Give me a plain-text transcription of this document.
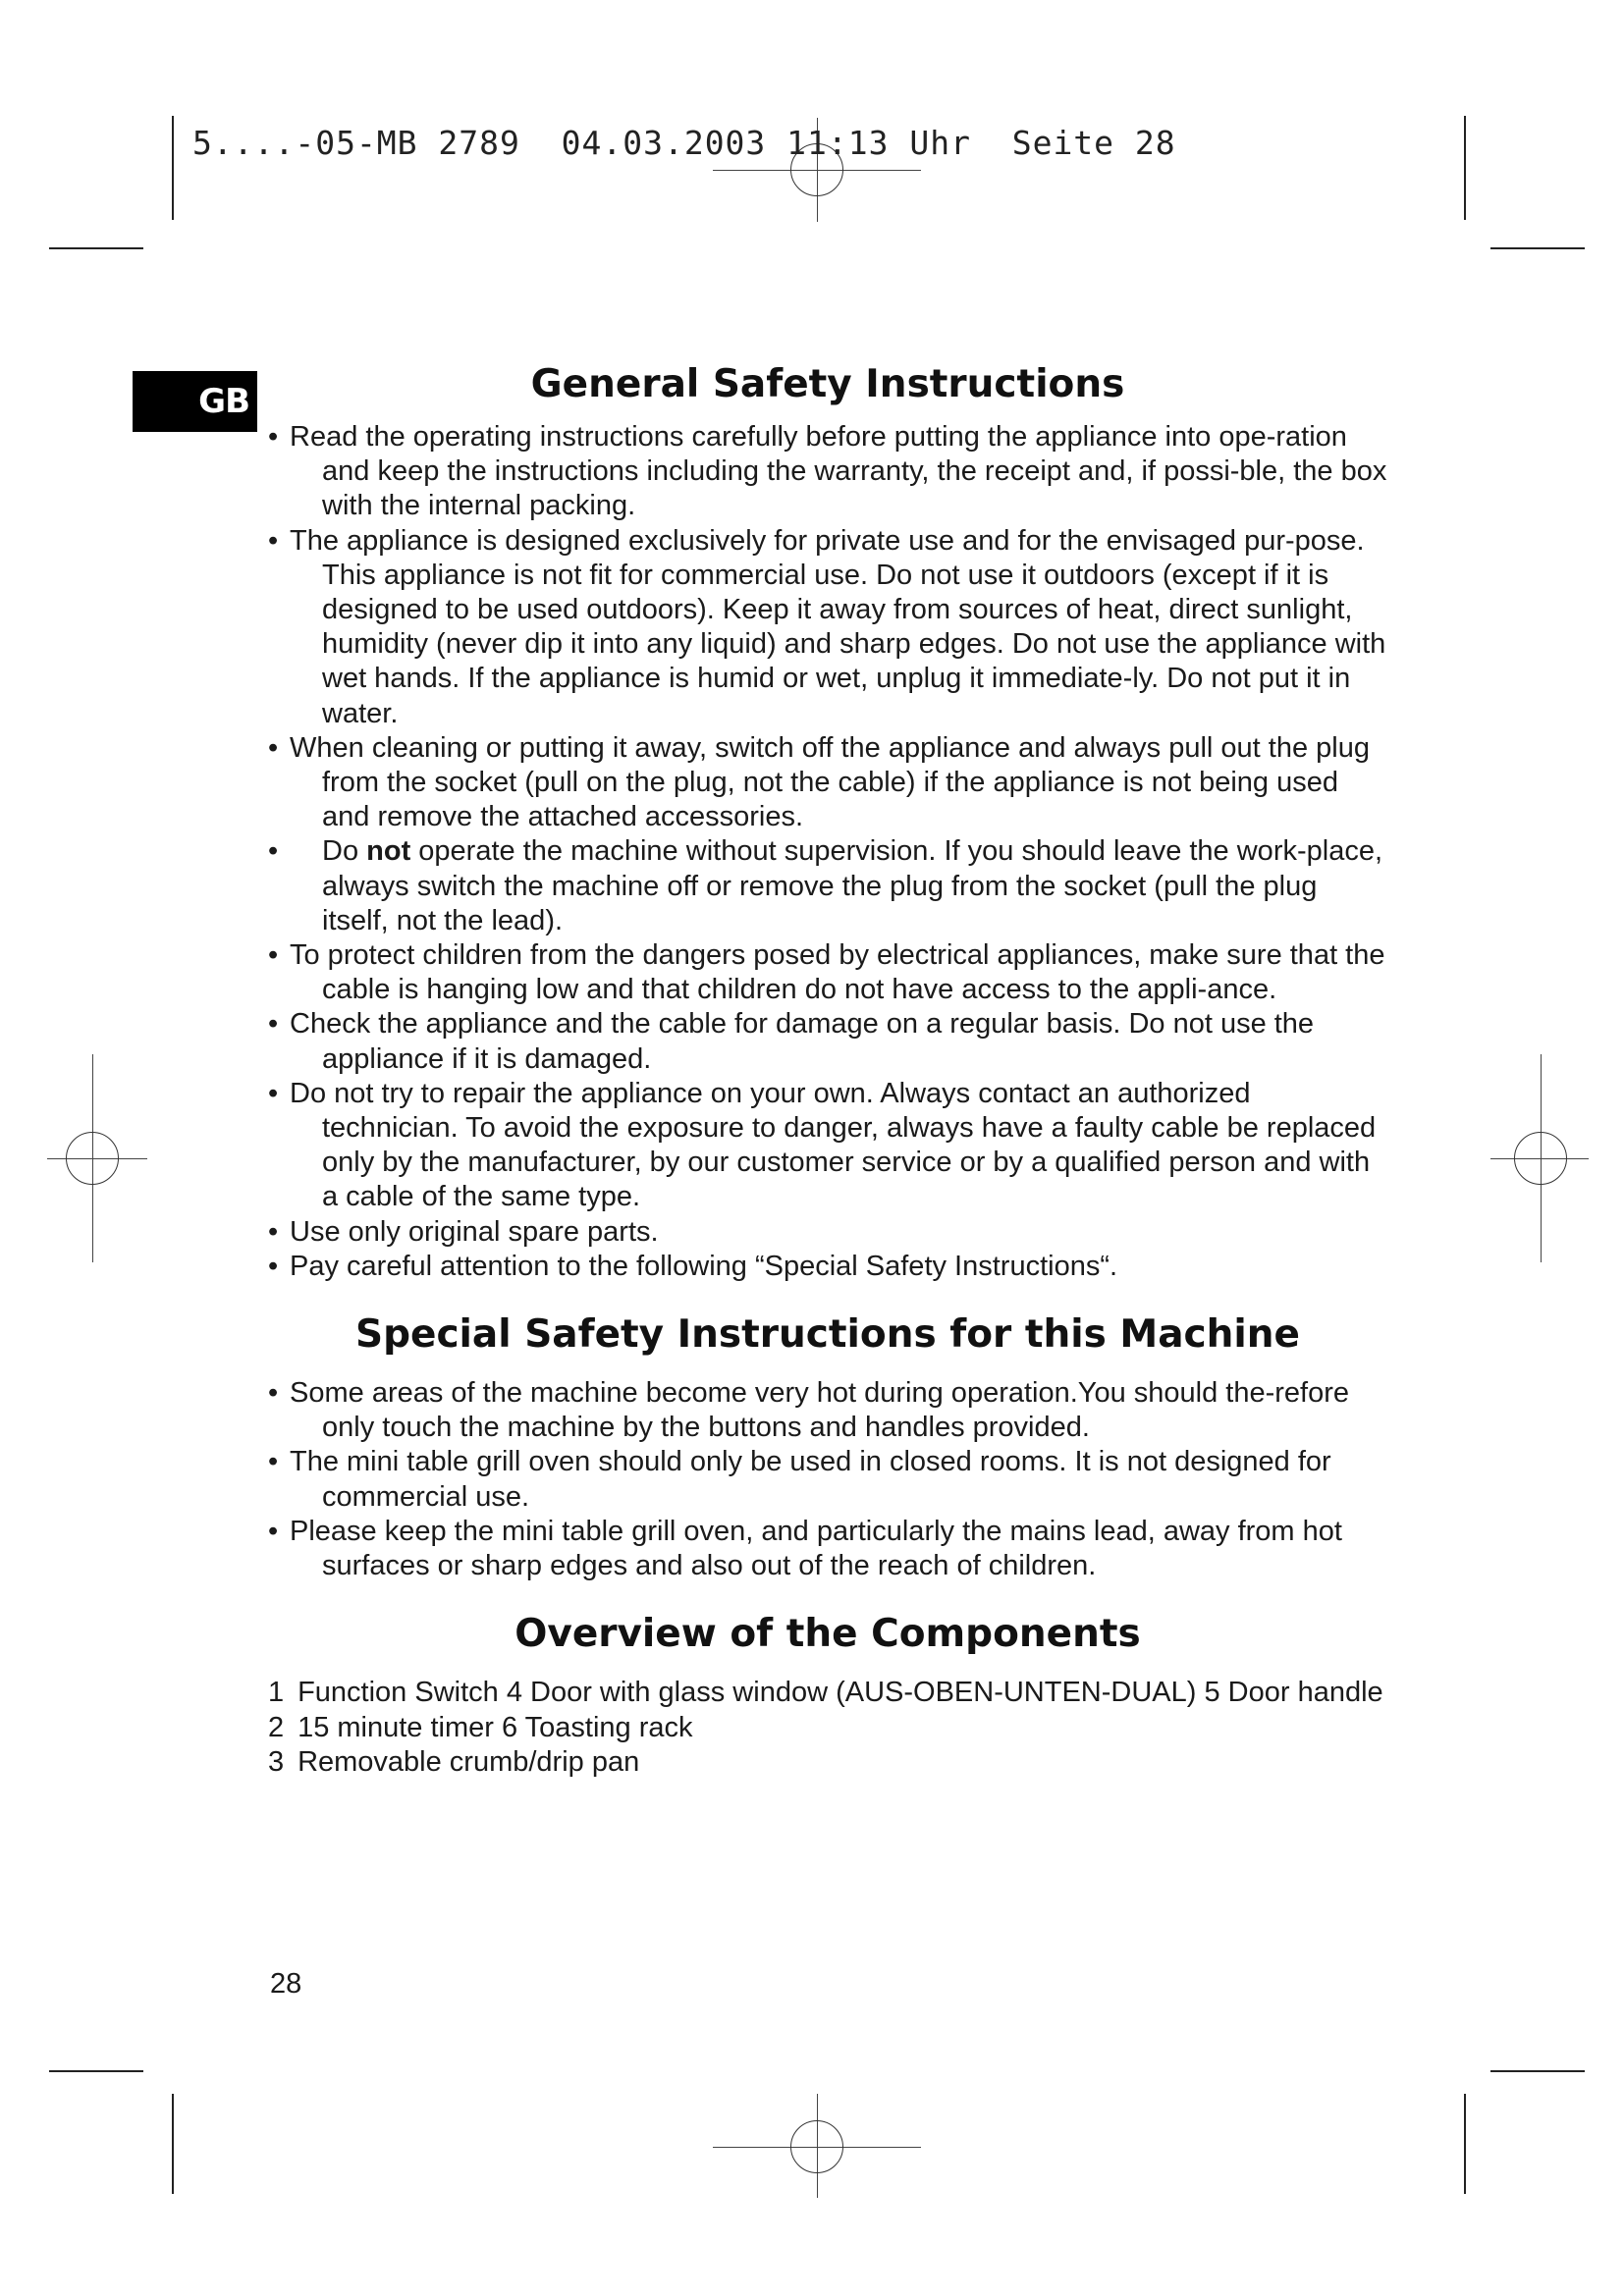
5....-05-MB 2789  04.03.2003 11:13 Uhr  Seite 28
GB	General Safety Instructions
• Read the operating instructions carefully before putting the appliance into ope-ration and keep the instructions including the warranty, the receipt and, if possi-ble, the box with the internal packing.
• The appliance is designed exclusively for private use and for the envisaged pur-pose. This appliance is not fit for commercial use. Do not use it outdoors (except if it is designed to be used outdoors). Keep it away from sources of heat, direct sunlight, humidity (never dip it into any liquid) and sharp edges. Do not use the appliance with wet hands. If the appliance is humid or wet, unplug it immediate-ly. Do not put it in water.
• When cleaning or putting it away, switch off the appliance and always pull out the plug from the socket (pull on the plug, not the cable) if the appliance is not being used and remove the attached accessories.
• Do not operate the machine without supervision. If you should leave the work-place, always switch the machine off or remove the plug from the socket (pull the plug itself, not the lead).
• To protect children from the dangers posed by electrical appliances, make sure that the cable is hanging low and that children do not have access to the appli-ance.
• Check the appliance and the cable for damage on a regular basis. Do not use the appliance if it is damaged.
• Do not try to repair the appliance on your own. Always contact an authorized technician. To avoid the exposure to danger, always have a faulty cable be replaced only by the manufacturer, by our customer service or by a qualified person and with a cable of the same type.
• Use only original spare parts.
• Pay careful attention to the following “Special Safety Instructions“.
Special Safety Instructions for this Machine
• Some areas of the machine become very hot during operation.You should the-refore only touch the machine by the buttons and handles provided.
• The mini table grill oven should only be used in closed rooms. It is not designed for commercial use.
• Please keep the mini table grill oven, and particularly the mains lead, away from hot surfaces or sharp edges and also out of the reach of children.
Overview of the Components
1 Function Switch 4 Door with glass window (AUS-OBEN-UNTEN-DUAL) 5 Door handle
2 15 minute timer 6 Toasting rack
3 Removable crumb/drip pan
28
